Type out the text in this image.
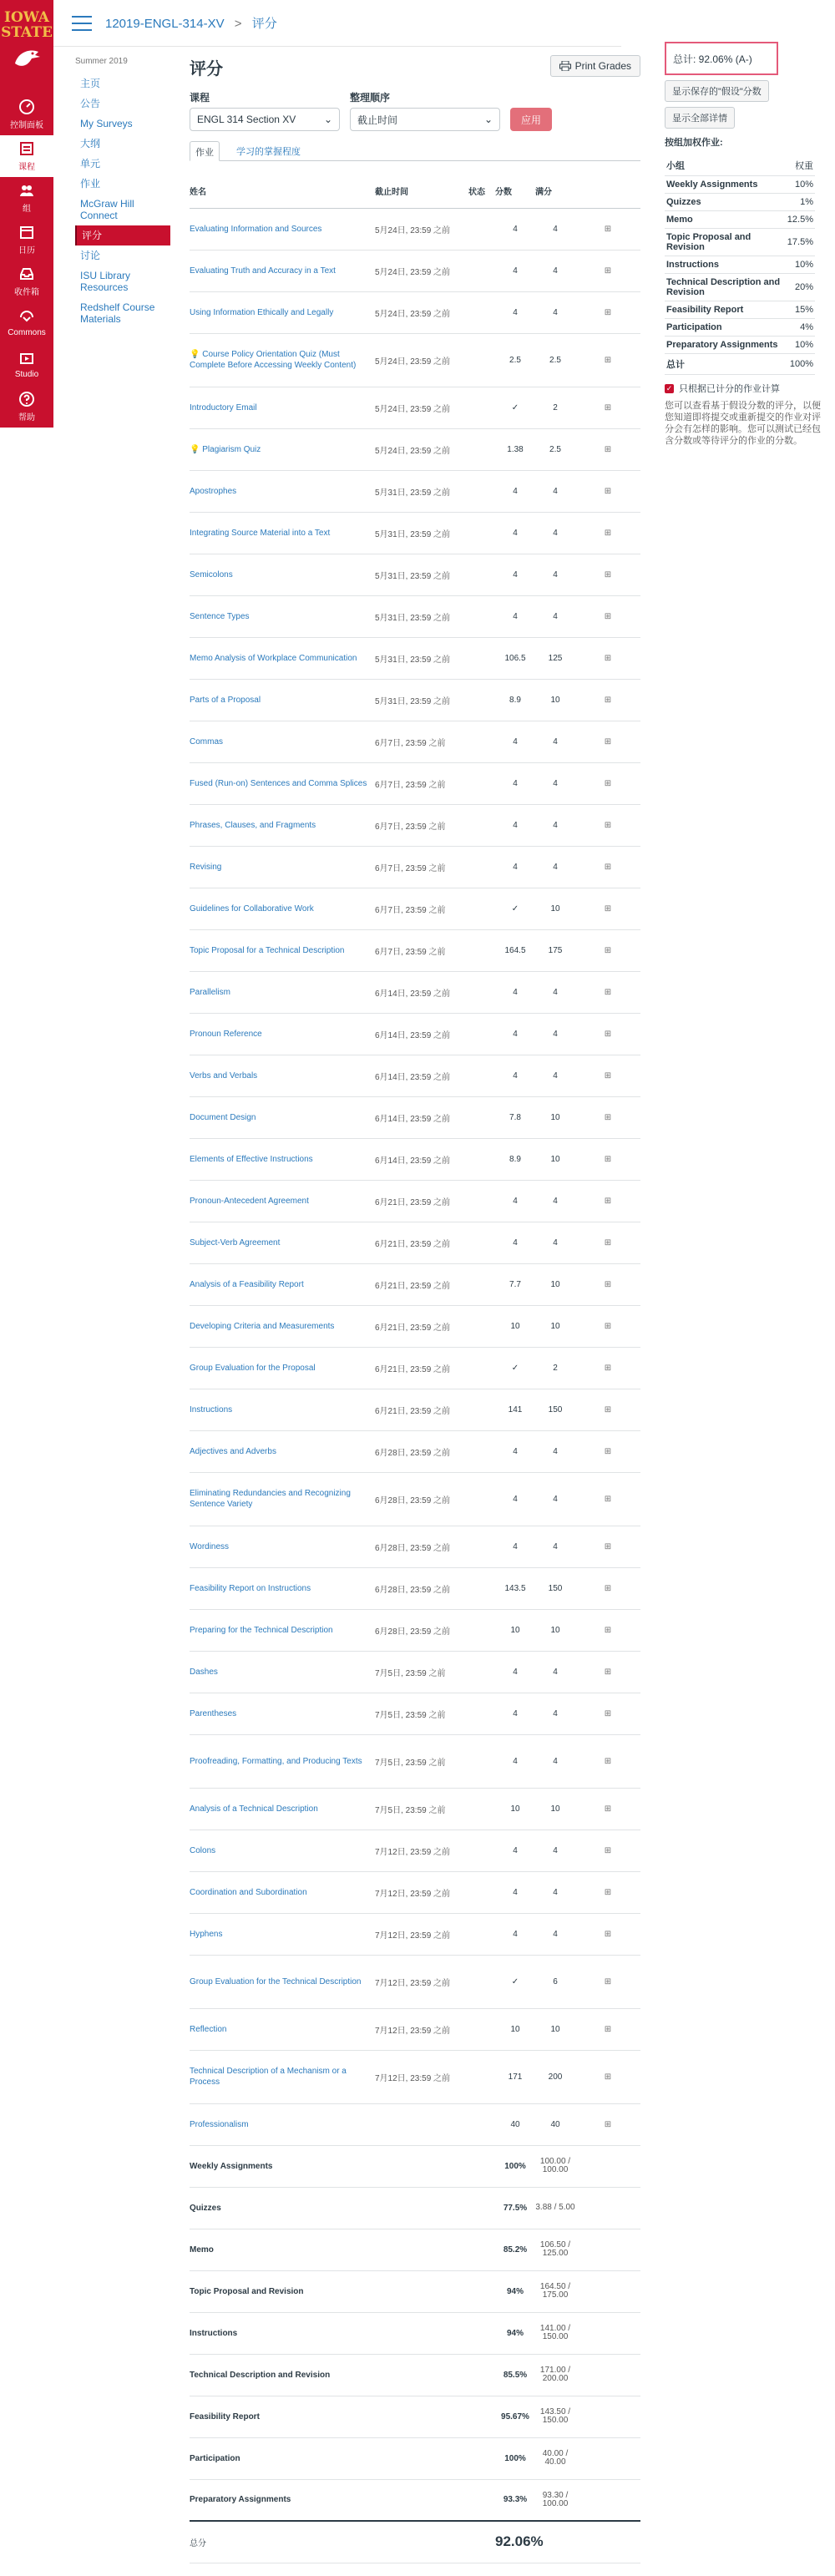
IOWA
STATE
控制面板
课程
组
日历
收件箱
Commons
Studio
帮助
12019-ENGL-314-XV > 评分
Summer 2019
主页
公告
My Surveys
大纲
单元
作业
McGraw Hill Connect
评分
讨论
ISU Library Resources
Redshelf Course Materials
评分	Print Grades
课程
ENGL 314 Section XV	⌄
整理顺序
截止时间	⌄	应用
作业	学习的掌握程度
姓名	截止时间	状态	分数	满分	
Evaluating Information and Sources	5月24日, 23:59 之前		4	4	⊞
Evaluating Truth and Accuracy in a Text	5月24日, 23:59 之前		4	4	⊞
Using Information Ethically and Legally	5月24日, 23:59 之前		4	4	⊞
💡 Course Policy Orientation Quiz (Must Complete Before Accessing Weekly Content)	5月24日, 23:59 之前		2.5	2.5	⊞
Introductory Email	5月24日, 23:59 之前		✓	2	⊞
💡 Plagiarism Quiz	5月24日, 23:59 之前		1.38	2.5	⊞
Apostrophes	5月31日, 23:59 之前		4	4	⊞
Integrating Source Material into a Text	5月31日, 23:59 之前		4	4	⊞
Semicolons	5月31日, 23:59 之前		4	4	⊞
Sentence Types	5月31日, 23:59 之前		4	4	⊞
Memo Analysis of Workplace Communication	5月31日, 23:59 之前		106.5	125	⊞
Parts of a Proposal	5月31日, 23:59 之前		8.9	10	⊞
Commas	6月7日, 23:59 之前		4	4	⊞
Fused (Run-on) Sentences and Comma Splices	6月7日, 23:59 之前		4	4	⊞
Phrases, Clauses, and Fragments	6月7日, 23:59 之前		4	4	⊞
Revising	6月7日, 23:59 之前		4	4	⊞
Guidelines for Collaborative Work	6月7日, 23:59 之前		✓	10	⊞
Topic Proposal for a Technical Description	6月7日, 23:59 之前		164.5	175	⊞
Parallelism	6月14日, 23:59 之前		4	4	⊞
Pronoun Reference	6月14日, 23:59 之前		4	4	⊞
Verbs and Verbals	6月14日, 23:59 之前		4	4	⊞
Document Design	6月14日, 23:59 之前		7.8	10	⊞
Elements of Effective Instructions	6月14日, 23:59 之前		8.9	10	⊞
Pronoun-Antecedent Agreement	6月21日, 23:59 之前		4	4	⊞
Subject-Verb Agreement	6月21日, 23:59 之前		4	4	⊞
Analysis of a Feasibility Report	6月21日, 23:59 之前		7.7	10	⊞
Developing Criteria and Measurements	6月21日, 23:59 之前		10	10	⊞
Group Evaluation for the Proposal	6月21日, 23:59 之前		✓	2	⊞
Instructions	6月21日, 23:59 之前		141	150	⊞
Adjectives and Adverbs	6月28日, 23:59 之前		4	4	⊞
Eliminating Redundancies and Recognizing Sentence Variety	6月28日, 23:59 之前		4	4	⊞
Wordiness	6月28日, 23:59 之前		4	4	⊞
Feasibility Report on Instructions	6月28日, 23:59 之前		143.5	150	⊞
Preparing for the Technical Description	6月28日, 23:59 之前		10	10	⊞
Dashes	7月5日, 23:59 之前		4	4	⊞
Parentheses	7月5日, 23:59 之前		4	4	⊞
Proofreading, Formatting, and Producing Texts	7月5日, 23:59 之前		4	4	⊞
Analysis of a Technical Description	7月5日, 23:59 之前		10	10	⊞
Colons	7月12日, 23:59 之前		4	4	⊞
Coordination and Subordination	7月12日, 23:59 之前		4	4	⊞
Hyphens	7月12日, 23:59 之前		4	4	⊞
Group Evaluation for the Technical Description	7月12日, 23:59 之前		✓	6	⊞
Reflection	7月12日, 23:59 之前		10	10	⊞
Technical Description of a Mechanism or a Process	7月12日, 23:59 之前		171	200	⊞
Professionalism			40	40	⊞
Weekly Assignments			100%	100.00 / 100.00	
Quizzes			77.5%	3.88 / 5.00	
Memo			85.2%	106.50 / 125.00	
Topic Proposal and Revision			94%	164.50 / 175.00	
Instructions			94%	141.00 / 150.00	
Technical Description and Revision			85.5%	171.00 / 200.00	
Feasibility Report			95.67%	143.50 / 150.00	
Participation			100%	40.00 / 40.00	
Preparatory Assignments			93.3%	93.30 / 100.00	
总分			92.06%		
总计: 92.06% (A-)
显示保存的"假设"分数
显示全部详情
按组加权作业:
小组	权重
Weekly Assignments	10%
Quizzes	1%
Memo	12.5%
Topic Proposal and Revision	17.5%
Instructions	10%
Technical Description and Revision	20%
Feasibility Report	15%
Participation	4%
Preparatory Assignments	10%
总计	100%
✓ 只根据已计分的作业计算

您可以查看基于假设分数的评分，以便您知道即将提交或重新提交的作业对评分会有怎样的影响。您可以测试已经包含分数或等待评分的作业的分数。
